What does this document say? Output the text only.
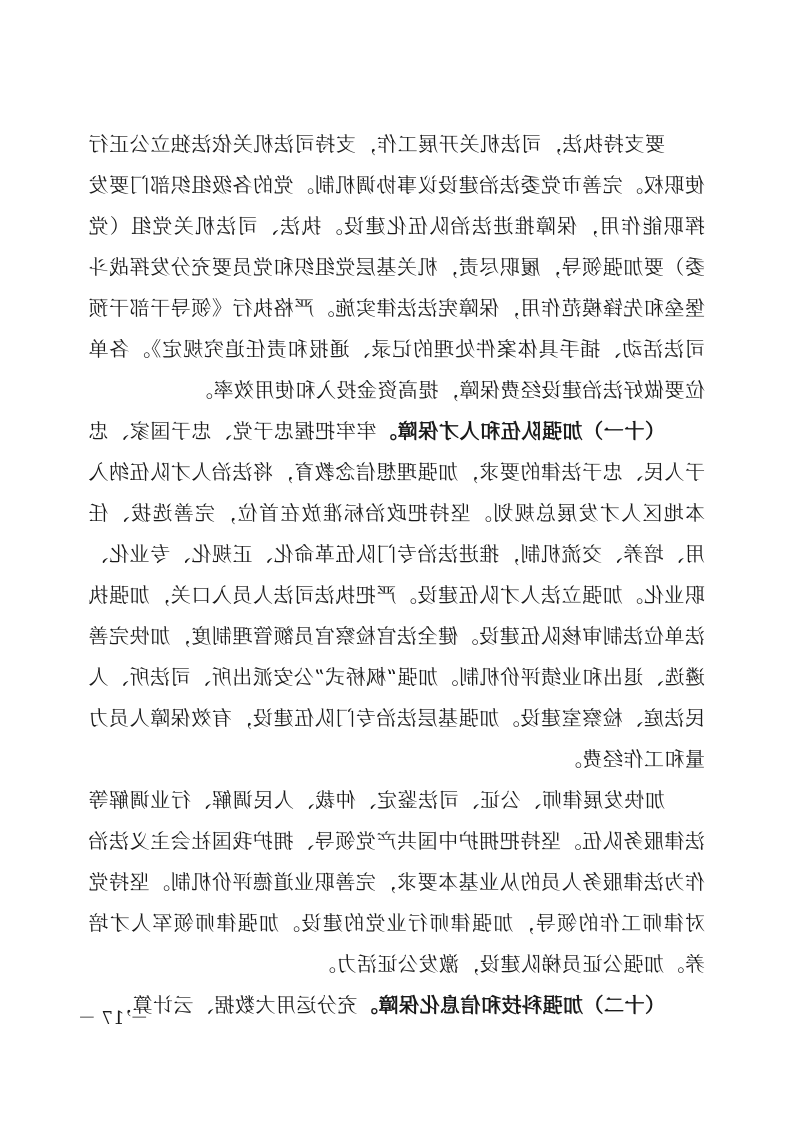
要支持执法，司法机关开展工作，支持司法机关依法独立公正行使职权。完善市党委法治建设议事协调机制。党的各级组织部门要发挥职能作用，保障推进法治队伍化建设。执法、司法机关党组（党委）要加强领导，履职尽责，机关基层党组织和党员要充分发挥战斗堡垒和先锋模范作用，保障宪法法律实施。严格执行《领导干部干预司法活动、插手具体案件处理的记录、通报和责任追究规定》。各单位要做好法治建设经费保障，提高资金投入和使用效率。

（十一）加强队伍和人才保障。牢牢把握忠于党、忠于国家、忠于人民、忠于法律的要求，加强理想信念教育，将法治人才队伍纳入本地区人才发展总规划。坚持把政治标准放在首位，完善选拔、任用、培养、交流机制，推进法治专门队伍革命化、正规化、专业化、职业化。加强立法人才队伍建设。严把执法司法人员入口关，加强执法单位法制审核队伍建设。健全法官检察官员额管理制度，加快完善遴选、退出和业绩评价机制。加强“枫桥式”公安派出所、司法所、人民法庭、检察室建设。加强基层法治专门队伍建设，有效保障人员力量和工作经费。

加快发展律师、公证、司法鉴定、仲裁、人民调解、行业调解等法律服务队伍。坚持把拥护中国共产党领导、拥护我国社会主义法治作为法律服务人员的从业基本要求，完善职业道德评价机制。坚持党对律师工作的领导，加强律师行业党的建设。加强律师领军人才培养。加强公证员梯队建设，激发公证活力。

（十二）加强科技和信息化保障。充分运用大数据、云计算，

－ 17 －
